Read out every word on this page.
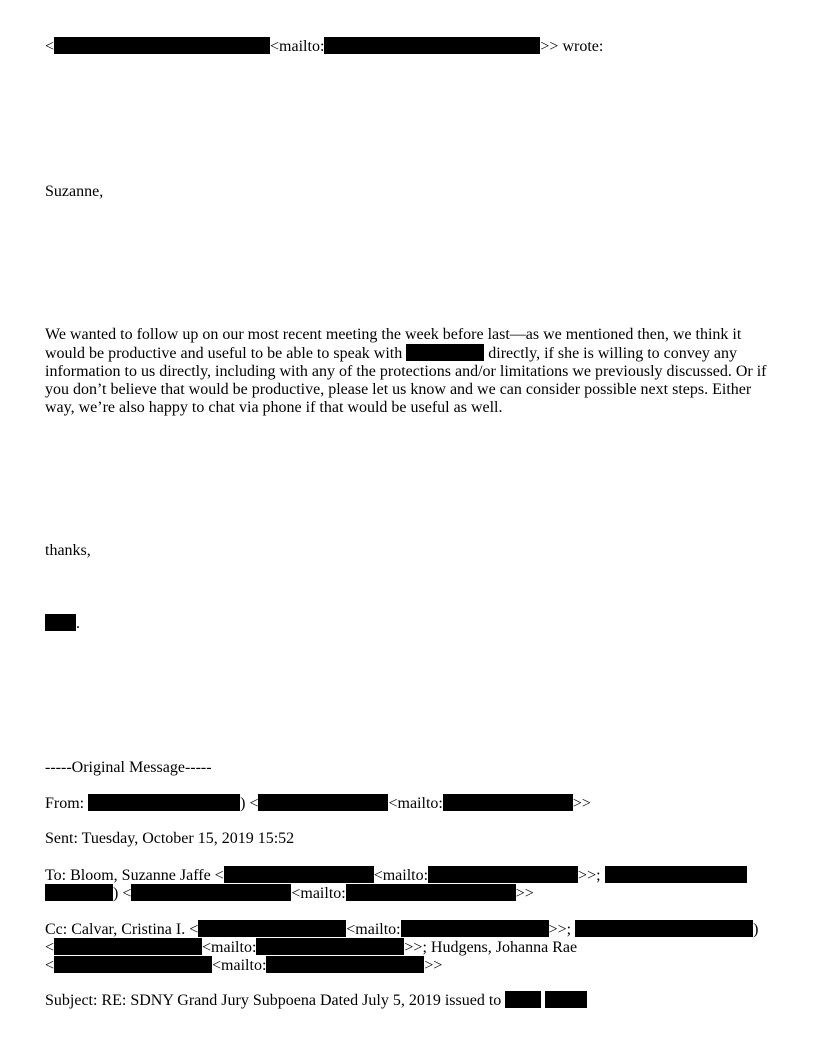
<	<mailto:	>> wrote:
Suzanne,
We wanted to follow up on our most recent meeting the week before last—as we mentioned then, we think it would be productive and useful to be able to speak with	directly, if she is willing to convey any information to us directly, including with any of the protections and/or limitations we previously discussed. Or if you don’t believe that would be productive, please let us know and we can consider possible next steps. Either way, we’re also happy to chat via phone if that would be useful as well.
thanks,
.
-----Original Message-----
From:	) <	<mailto:	>>
Sent: Tuesday, October 15, 2019 15:52
To: Bloom, Suzanne Jaffe <	<mailto:	>>;
) <	<mailto:	>>
Cc: Calvar, Cristina I. <	<mailto:	>>;	)
<	<mailto:	>>; Hudgens, Johanna Rae
<	<mailto:	>>
Subject: RE: SDNY Grand Jury Subpoena Dated July 5, 2019 issued to
